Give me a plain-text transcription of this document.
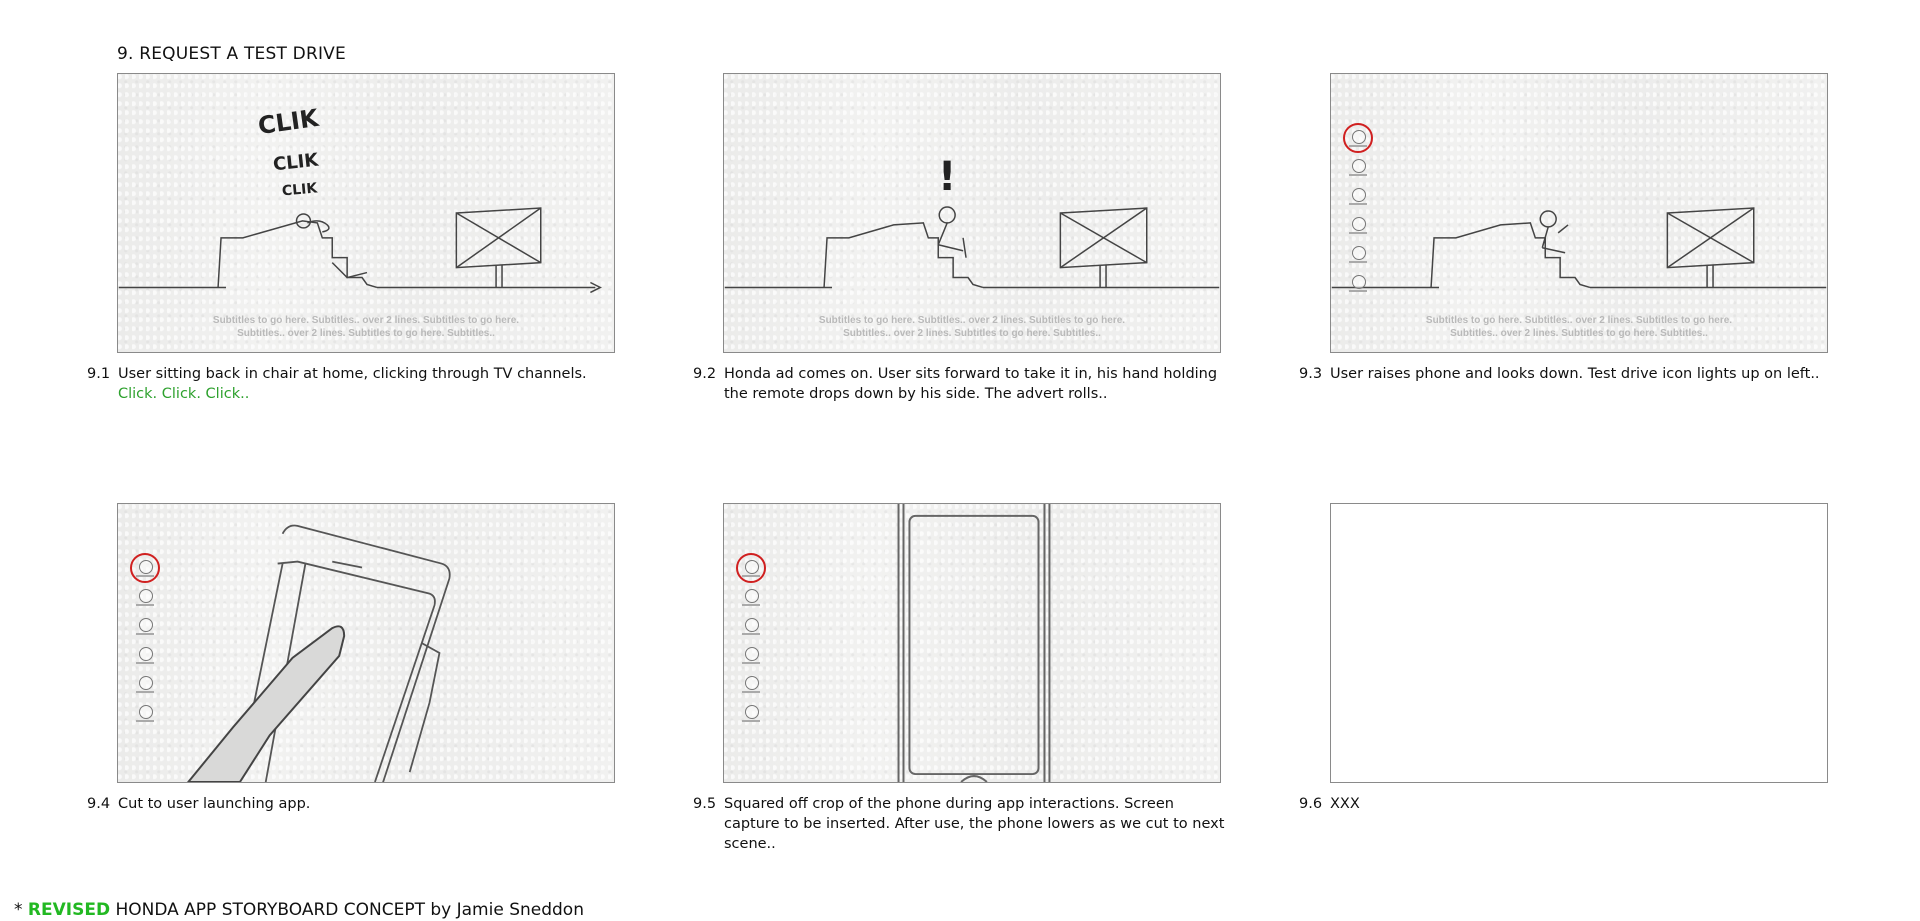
9. REQUEST A TEST DRIVE
CLIK
CLIK
CLIK
Subtitles to go here. Subtitles.. over 2 lines. Subtitles to go here.
Subtitles.. over 2 lines. Subtitles to go here. Subtitles..
9.1 User sitting back in chair at home, clicking through TV channels.
Click. Click. Click..
!
Subtitles to go here. Subtitles.. over 2 lines. Subtitles to go here.
Subtitles.. over 2 lines. Subtitles to go here. Subtitles..
9.2 Honda ad comes on. User sits forward to take it in, his hand holding the remote drops down by his side. The advert rolls..
Subtitles to go here. Subtitles.. over 2 lines. Subtitles to go here.
Subtitles.. over 2 lines. Subtitles to go here. Subtitles..
9.3 User raises phone and looks down. Test drive icon lights up on left..
9.4 Cut to user launching app.	9.5 Squared off crop of the phone during app interactions. Screen capture to be inserted. After use, the phone lowers as we cut to next scene..
9.6 XXX
* REVISED HONDA APP STORYBOARD CONCEPT by Jamie Sneddon
